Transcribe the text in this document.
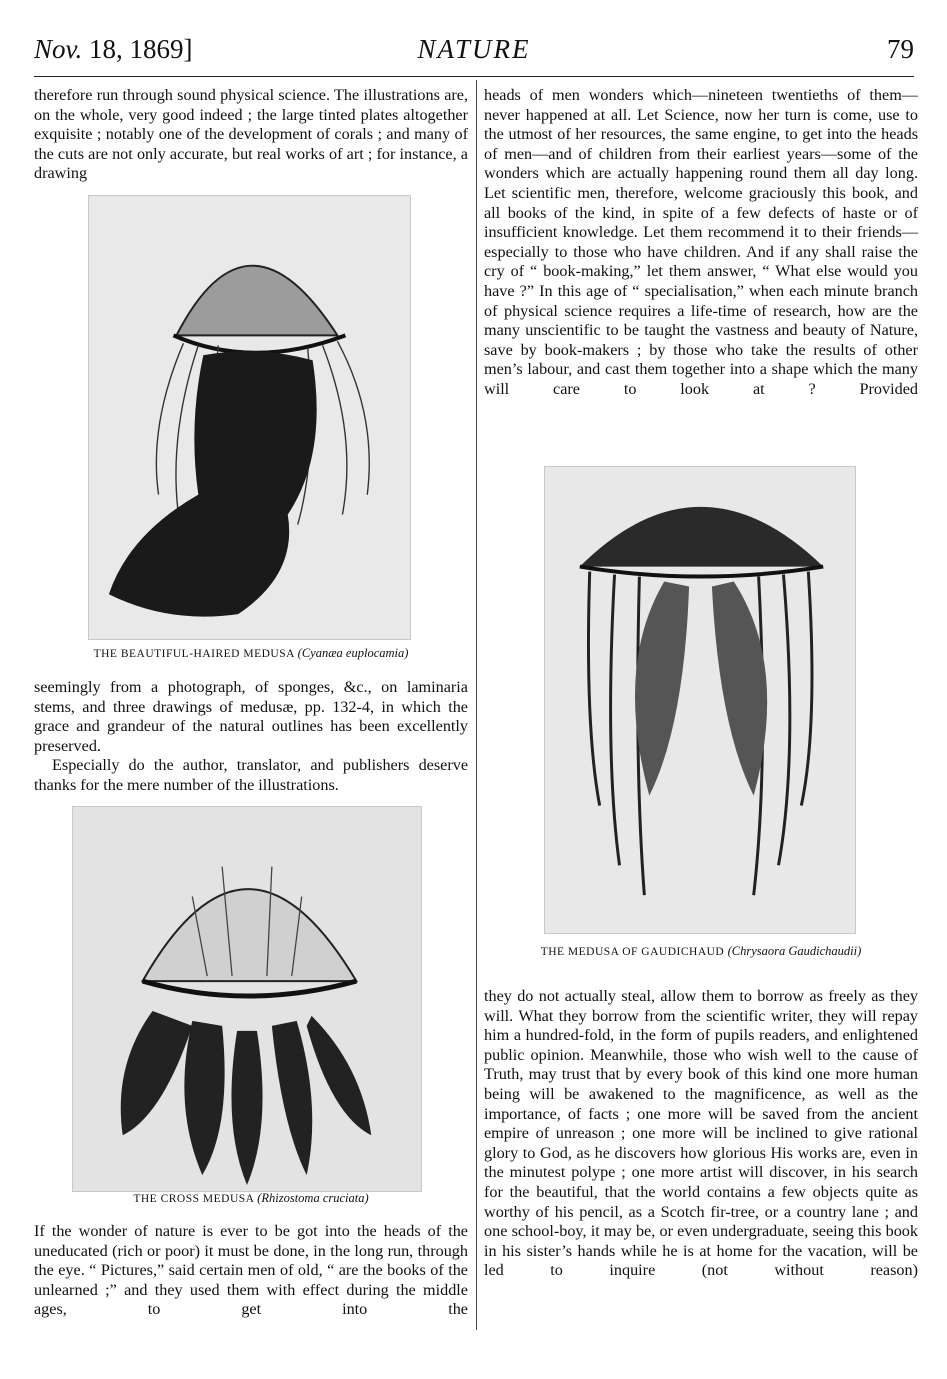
Nov. 18, 1869]	NATURE	79

therefore run through sound physical science. The illustrations are, on the whole, very good indeed ; the large tinted plates altogether exquisite ; notably one of the development of corals ; and many of the cuts are not only accurate, but real works of art ; for instance, a drawing

THE BEAUTIFUL-HAIRED MEDUSA (Cyanæa euplocamia)

seemingly from a photograph, of sponges, &c., on laminaria stems, and three drawings of medusæ, pp. 132-4, in which the grace and grandeur of the natural outlines has been excellently preserved.

Especially do the author, translator, and publishers deserve thanks for the mere number of the illustrations.

THE CROSS MEDUSA (Rhizostoma cruciata)

If the wonder of nature is ever to be got into the heads of the uneducated (rich or poor) it must be done, in the long run, through the eye. “ Pictures,” said certain men of old, “ are the books of the unlearned ;” and they used them with effect during the middle ages, to get into the

heads of men wonders which—nineteen twentieths of them—never happened at all. Let Science, now her turn is come, use to the utmost of her resources, the same engine, to get into the heads of men—and of children from their earliest years—some of the wonders which are actually happening round them all day long. Let scientific men, therefore, welcome graciously this book, and all books of the kind, in spite of a few defects of haste or of insufficient knowledge. Let them recommend it to their friends—especially to those who have children. And if any shall raise the cry of “ book-making,” let them answer, “ What else would you have ?” In this age of “ specialisation,” when each minute branch of physical science requires a life-time of research, how are the many unscientific to be taught the vastness and beauty of Nature, save by book-makers ; by those who take the results of other men’s labour, and cast them together into a shape which the many will care to look at ? Provided

THE MEDUSA OF GAUDICHAUD (Chrysaora Gaudichaudii)

they do not actually steal, allow them to borrow as freely as they will. What they borrow from the scientific writer, they will repay him a hundred-fold, in the form of pupils readers, and enlightened public opinion. Meanwhile, those who wish well to the cause of Truth, may trust that by every book of this kind one more human being will be awakened to the magnificence, as well as the importance, of facts ; one more will be saved from the ancient empire of unreason ; one more will be inclined to give rational glory to God, as he discovers how glorious His works are, even in the minutest polype ; one more artist will discover, in his search for the beautiful, that the world contains a few objects quite as worthy of his pencil, as a Scotch fir-tree, or a country lane ; and one school-boy, it may be, or even undergraduate, seeing this book in his sister’s hands while he is at home for the vacation, will be led to inquire (not without reason)
